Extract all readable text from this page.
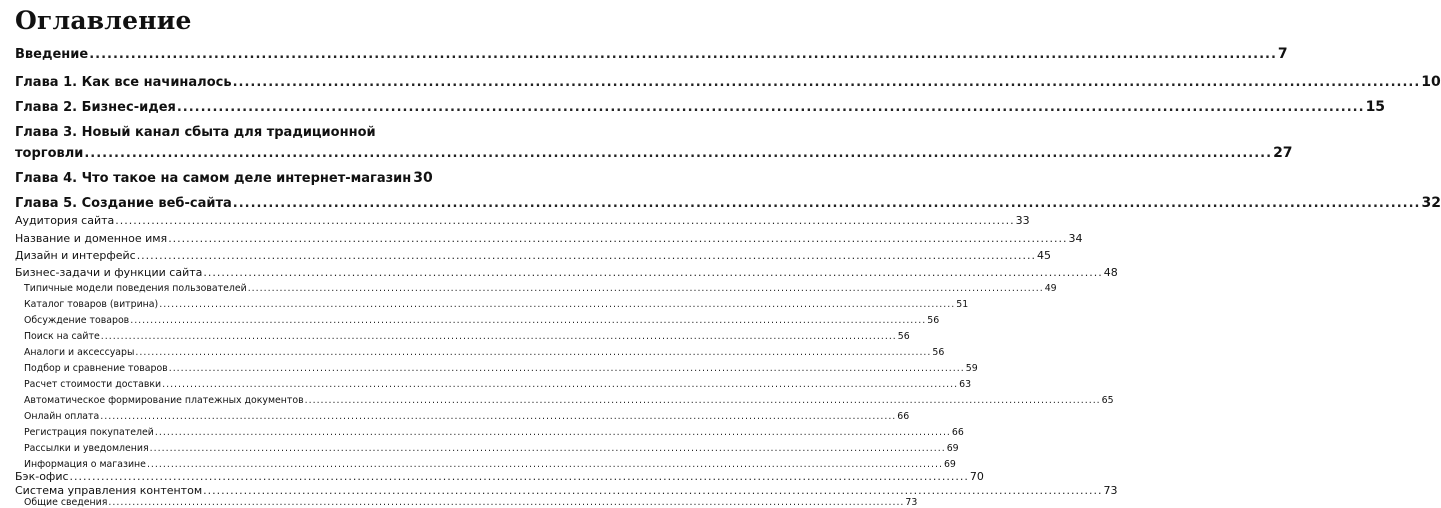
Оглавление
Введение .....	7
Глава 1. Как все начиналось .....	10
Глава 2. Бизнес-идея .....	15
Глава 3. Новый канал сбыта для традиционной
торговли .....	27
Глава 4. Что такое на самом деле интернет-магазин 30
Глава 5. Создание веб-сайта .....	32
Аудитория сайта .....	33
Название и доменное имя .....	34
Дизайн и интерфейс .....	45
Бизнес-задачи и функции сайта .....	48
Типичные модели поведения пользователей .....	49
Каталог товаров (витрина) .....	51
Обсуждение товаров .....	56
Поиск на сайте .....	56
Аналоги и аксессуары .....	56
Подбор и сравнение товаров .....	59
Расчет стоимости доставки .....	63
Автоматическое формирование платежных документов .....	65
Онлайн оплата .....	66
Регистрация покупателей .....	66
Рассылки и уведомления .....	69
Информация о магазине .....	69
Бэк-офис .....	70
Система управления контентом .....	73
Общие сведения .....	73
